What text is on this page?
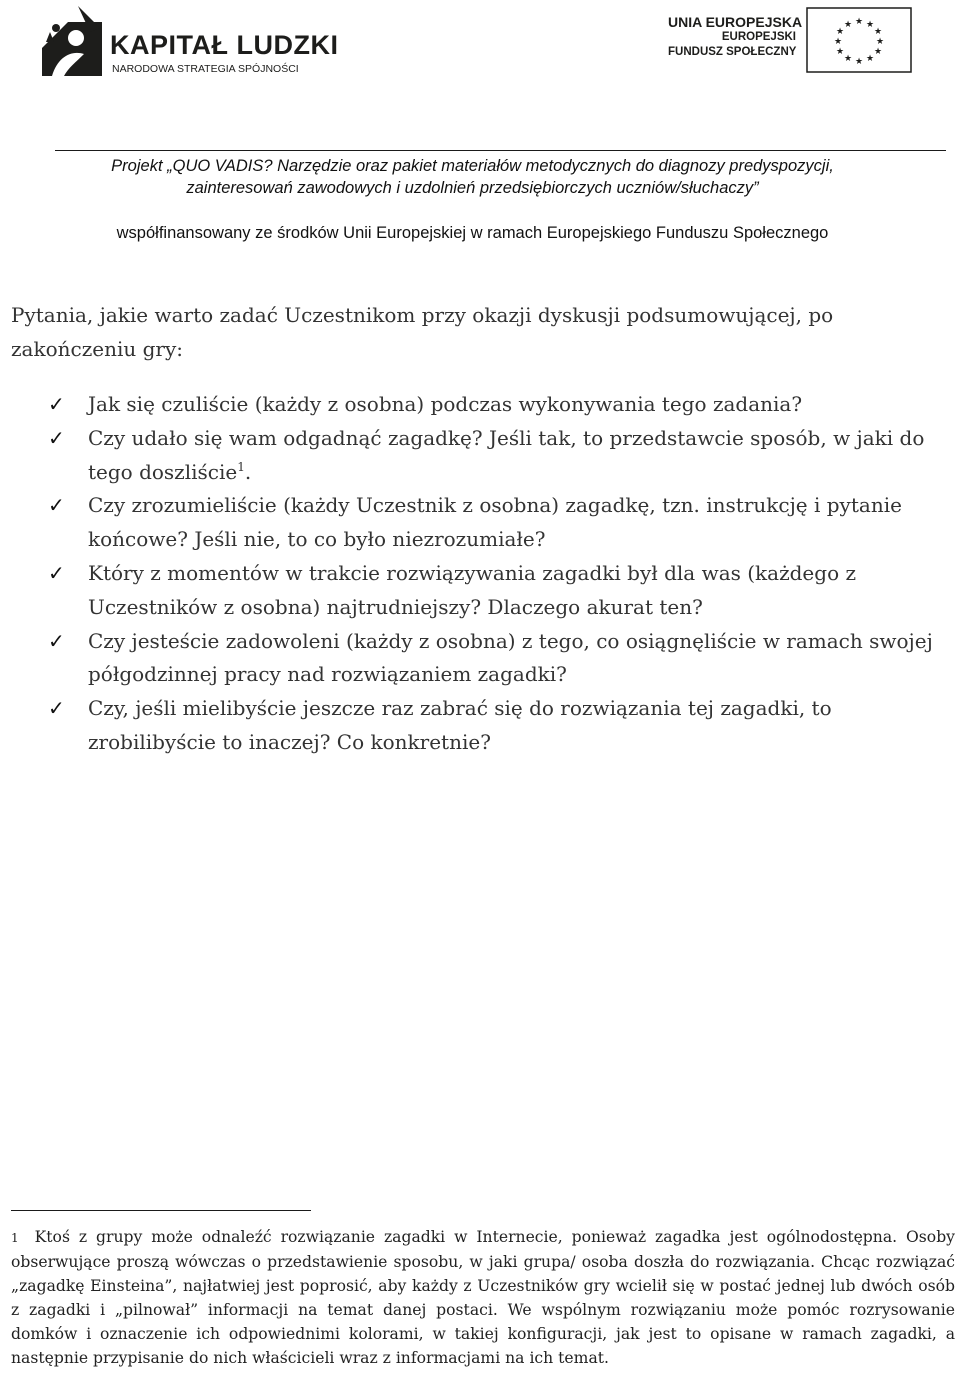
KAPITAŁ LUDZKI
NARODOWA STRATEGIA SPÓJNOŚCI
UNIA EUROPEJSKA
EUROPEJSKI
FUNDUSZ SPOŁECZNY
★ ★
★
★
★
★
★
★
★
★
★
★
Projekt „QUO VADIS? Narzędzie oraz pakiet materiałów metodycznych do diagnozy predyspozycji,
zainteresowań zawodowych i uzdolnień przedsiębiorczych uczniów/słuchaczy”
współfinansowany ze środków Unii Europejskiej w ramach Europejskiego Funduszu Społecznego
Pytania, jakie warto zadać Uczestnikom przy okazji dyskusji podsumowującej, po zakończeniu gry:
✓ Jak się czuliście (każdy z osobna) podczas wykonywania tego zadania?
✓ Czy udało się wam odgadnąć zagadkę? Jeśli tak, to przedstawcie sposób, w jaki do tego doszliście$^1$.
✓ Czy zrozumieliście (każdy Uczestnik z osobna) zagadkę, tzn. instrukcję i pytanie końcowe? Jeśli nie, to co było niezrozumiałe?
✓ Który z momentów w trakcie rozwiązywania zagadki był dla was (każdego z Uczestników z osobna) najtrudniejszy? Dlaczego akurat ten?
✓ Czy jesteście zadowoleni (każdy z osobna) z tego, co osiągnęliście w ramach swojej półgodzinnej pracy nad rozwiązaniem zagadki?
✓ Czy, jeśli mielibyście jeszcze raz zabrać się do rozwiązania tej zagadki, to zrobilibyście to inaczej? Co konkretnie?
1 Ktoś z grupy może odnaleźć rozwiązanie zagadki w Internecie, ponieważ zagadka jest ogólnodostępna. Osoby obserwujące proszą wówczas o przedstawienie sposobu, w jaki grupa/ osoba doszła do rozwiązania. Chcąc rozwiązać „zagadkę Einsteina”, najłatwiej jest poprosić, aby każdy z Uczestników gry wcielił się w postać jednej lub dwóch osób z zagadki i „pilnował” informacji na temat danej postaci. We wspólnym rozwiązaniu może pomóc rozrysowanie domków i oznaczenie ich odpowiednimi kolorami, w takiej konfiguracji, jak jest to opisane w ramach zagadki, a następnie przypisanie do nich właścicieli wraz z informacjami na ich temat.
